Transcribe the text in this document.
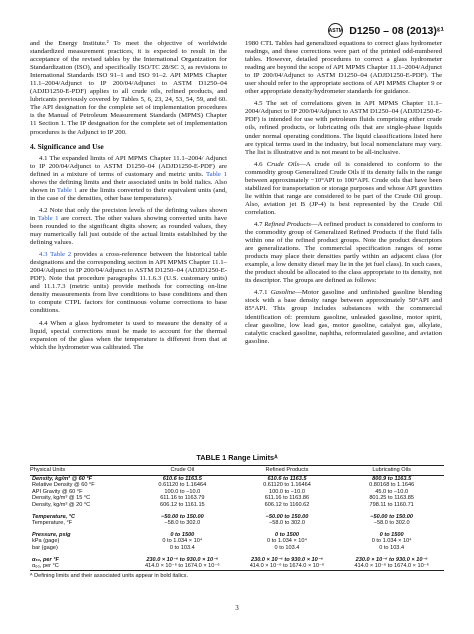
ASTM D1250 – 08 (2013)ᵋ¹

and the Energy Institute.² To meet the objective of worldwide standardized measurement practices, it is expected to result in the acceptance of the revised tables by the International Organization for Standardization (ISO), and specifically ISO/TC 28/SC 3, as revisions to International Standards ISO 91–1 and ISO 91–2. API MPMS Chapter 11.1–2004/Adjunct to IP 200/04/Adjunct to ASTM D1250–04 (ADJD1250-E-PDF) applies to all crude oils, refined products, and lubricants previously covered by Tables 5, 6, 23, 24, 53, 54, 59, and 60. The API designation for the complete set of implementation procedures is the Manual of Petroleum Measurement Standards (MPMS) Chapter 11 Section 1. The IP designation for the complete set of implementation procedures is the Adjunct to IP 200.

4. Significance and Use

4.1 The expanded limits of API MPMS Chapter 11.1–2004/ Adjunct to IP 200/04/Adjunct to ASTM D1250–04 (ADJD1250-E-PDF) are defined in a mixture of terms of customary and metric units. Table 1 shows the defining limits and their associated units in bold italics. Also shown in Table 1 are the limits converted to their equivalent units (and, in the case of the densities, other base temperatures).

4.2 Note that only the precision levels of the defining values shown in Table 1 are correct. The other values showing converted units have been rounded to the significant digits shown; as rounded values, they may numerically fall just outside of the actual limits established by the defining values.

4.3 Table 2 provides a cross-reference between the historical table designations and the corresponding section in API MPMS Chapter 11.1–2004/Adjunct to IP 200/04/Adjunct to ASTM D1250–04 (ADJD1250-E-PDF). Note that procedure paragraphs 11.1.6.3 (U.S. customary units) and 11.1.7.3 (metric units) provide methods for correcting on-line density measurements from live conditions to base conditions and then to compute CTPL factors for continuous volume corrections to base conditions.

4.4 When a glass hydrometer is used to measure the density of a liquid, special corrections must be made to account for the thermal expansion of the glass when the temperature is different from that at which the hydrometer was calibrated. The

1980 CTL Tables had generalized equations to correct glass hydrometer readings, and these corrections were part of the printed odd-numbered tables. However, detailed procedures to correct a glass hydrometer reading are beyond the scope of API MPMS Chapter 11.1–2004/Adjunct to IP 200/04/Adjunct to ASTM D1250–04 (ADJD1250-E-PDF). The user should refer to the appropriate sections of API MPMS Chapter 9 or other appropriate density/hydrometer standards for guidance.

4.5 The set of correlations given in API MPMS Chapter 11.1–2004/Adjunct to IP 200/04/Adjunct to ASTM D1250–04 (ADJD1250-E-PDF) is intended for use with petroleum fluids comprising either crude oils, refined products, or lubricating oils that are single-phase liquids under normal operating conditions. The liquid classifications listed here are typical terms used in the industry, but local nomenclature may vary. The list is illustrative and is not meant to be all-inclusive.

4.6 Crude Oils—A crude oil is considered to conform to the commodity group Generalized Crude Oils if its density falls in the range between approximately −10°API to 100°API. Crude oils that have been stabilized for transportation or storage purposes and whose API gravities lie within that range are considered to be part of the Crude Oil group. Also, aviation jet B (JP-4) is best represented by the Crude Oil correlation.

4.7 Refined Products—A refined product is considered to conform to the commodity group of Generalized Refined Products if the fluid falls within one of the refined product groups. Note the product descriptors are generalizations. The commercial specification ranges of some products may place their densities partly within an adjacent class (for example, a low density diesel may lie in the jet fuel class). In such cases, the product should be allocated to the class appropriate to its density, not its descriptor. The groups are defined as follows:

4.7.1 Gasoline—Motor gasoline and unfinished gasoline blending stock with a base density range between approximately 50°API and 85°API. This group includes substances with the commercial identification of: premium gasoline, unleaded gasoline, motor spirit, clear gasoline, low lead gas, motor gasoline, catalyst gas, alkylate, catalytic cracked gasoline, naphtha, reformulated gasoline, and aviation gasoline.

TABLE 1 Range Limitsᴬ
Physical Units	Crude Oil	Refined Products	Lubricating Oils
Density, kg/m³ @ 60 °F	610.6 to 1163.5	610.6 to 1163.5	800.9 to 1163.5
Relative Density @ 60 °F	0.61120 to 1.16464	0.61120 to 1.16464	0.80168 to 1.1646
API Gravity @ 60 °F	100.0 to −10.0	100.0 to −10.0	45.0 to −10.0
Density, kg/m³ @ 15 °C	611.16 to 1163.79	611.16 to 1163.86	801.25 to 1163.85
Density, kg/m³ @ 20 °C	606.12 to 1161.15	606.12 to 1160.62	798.11 to 1160.71

Temperature, °C	−50.00 to 150.00	−50.00 to 150.00	−50.00 to 150.00
Temperature, °F	−58.0 to 302.0	−58.0 to 302.0	−58.0 to 302.0

Pressure, psig	0 to 1500	0 to 1500	0 to 1500
kPa (gage)	0 to 1.034 × 10⁴	0 to 1.034 × 10⁴	0 to 1.034 × 10⁴
bar (gage)	0 to 103.4	0 to 103.4	0 to 103.4

α₆₀, per °F	230.0 × 10⁻⁶ to 930.0 × 10⁻⁶	230.0 × 10⁻⁶ to 930.0 × 10⁻⁶	230.0 × 10⁻⁶ to 930.0 × 10⁻⁶
α₆₀, per °C	414.0 × 10⁻⁶ to 1674.0 × 10⁻⁶	414.0 × 10⁻⁶ to 1674.0 × 10⁻⁶	414.0 × 10⁻⁶ to 1674.0 × 10⁻⁶
ᴬ Defining limits and their associated units appear in bold italics.
3
